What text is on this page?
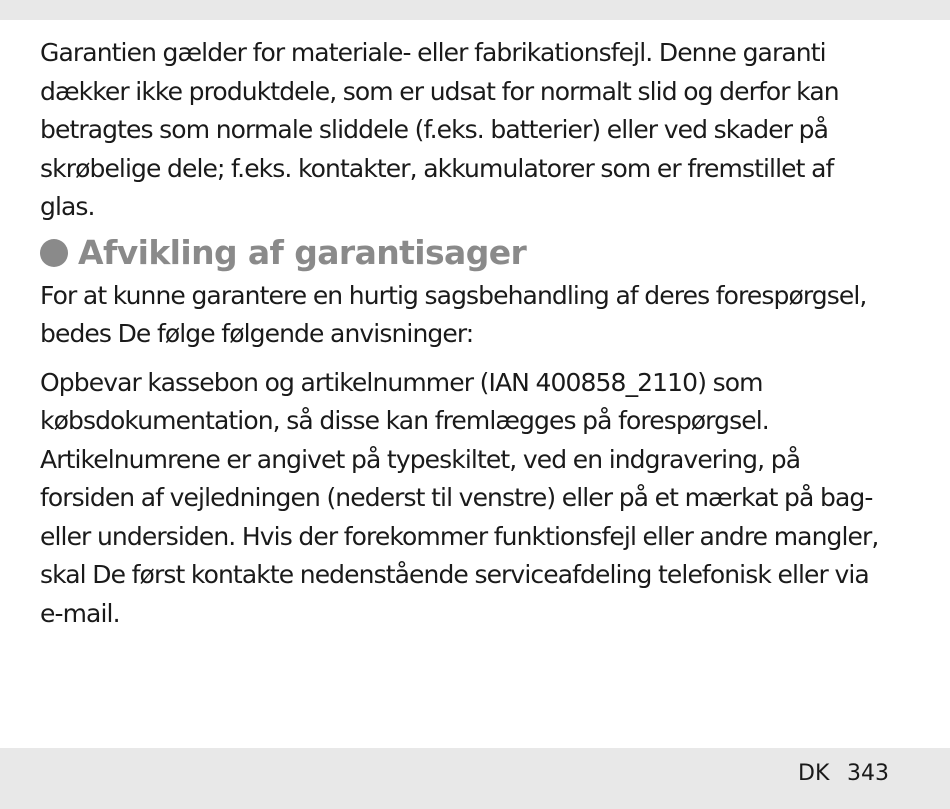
Garantien gælder for materiale- eller fabrikationsfejl. Denne garanti
dækker ikke produktdele, som er udsat for normalt slid og derfor kan
betragtes som normale sliddele (f.eks. batterier) eller ved skader på
skrøbelige dele; f.eks. kontakter, akkumulatorer som er fremstillet af
glas.
Afvikling af garantisager
For at kunne garantere en hurtig sagsbehandling af deres forespørgsel,
bedes De følge følgende anvisninger:
Opbevar kassebon og artikelnummer (IAN 400858_2110) som
købsdokumentation, så disse kan fremlægges på forespørgsel.
Artikelnumrene er angivet på typeskiltet, ved en indgravering, på
forsiden af vejledningen (nederst til venstre) eller på et mærkat på bag-
eller undersiden. Hvis der forekommer funktionsfejl eller andre mangler,
skal De først kontakte nedenstående serviceafdeling telefonisk eller via
e-mail.
DK 343
